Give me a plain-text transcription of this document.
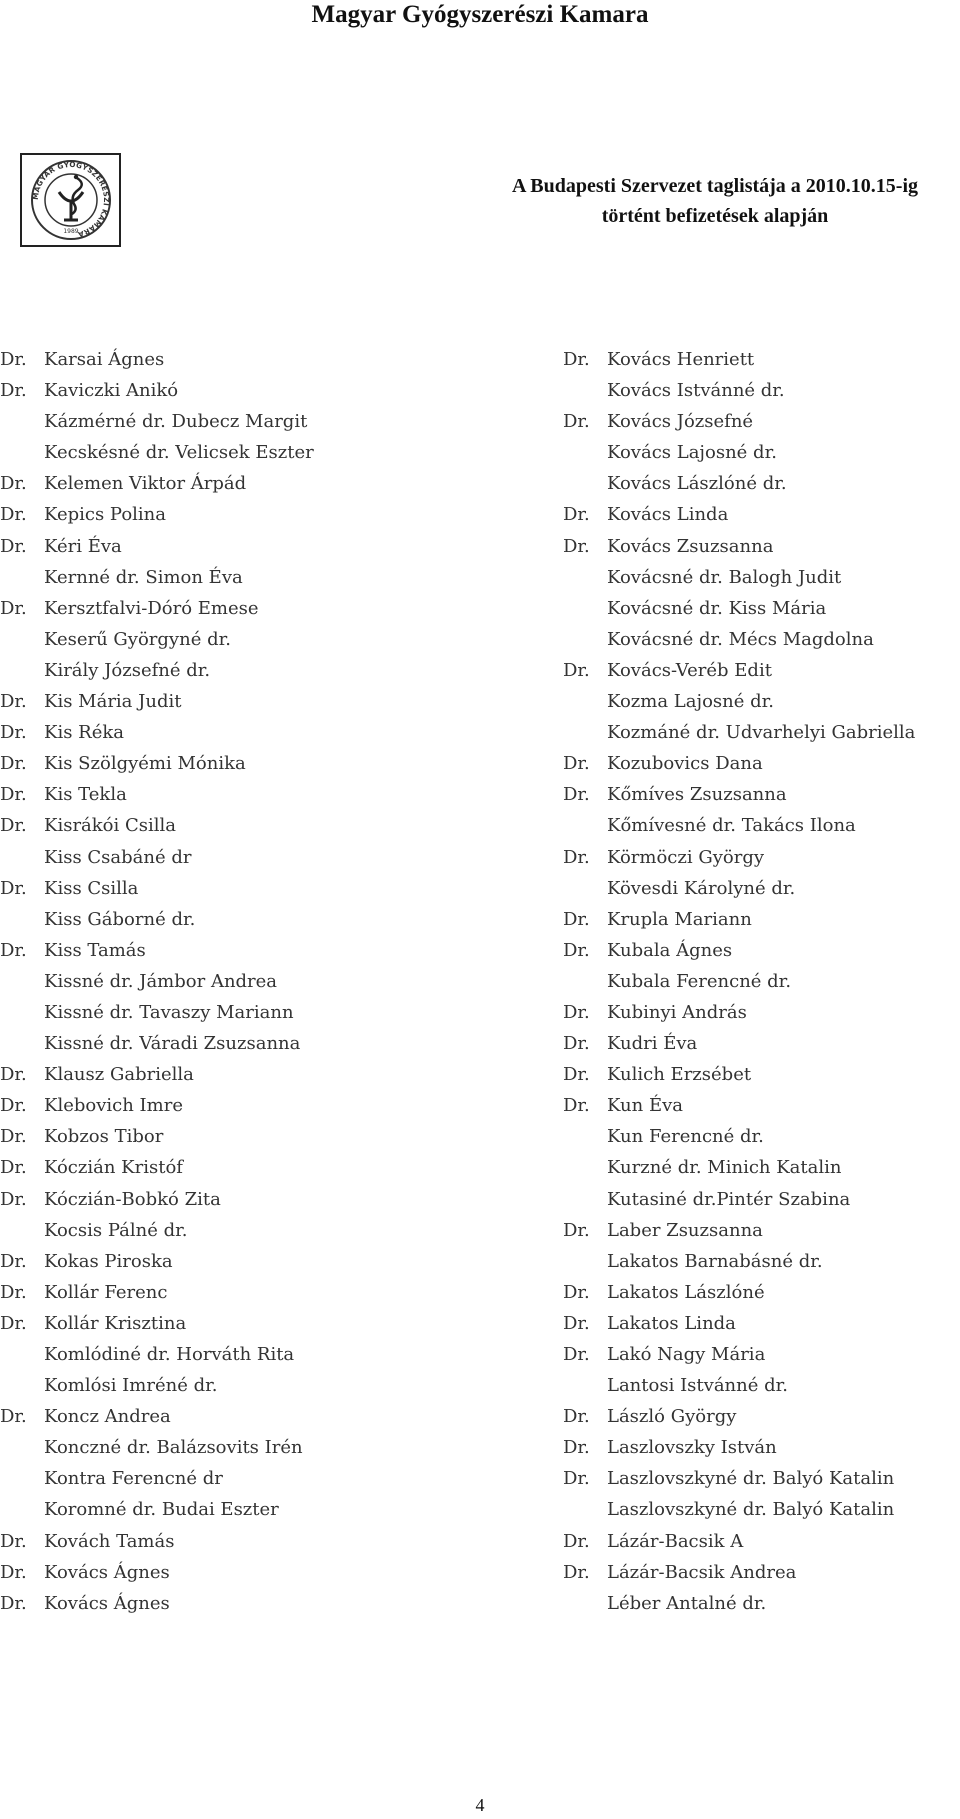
Magyar Gyógyszerészi Kamara
MAGYAR GYÓGYSZERÉSZI KAMARA
1989
A Budapesti Szervezet taglistája a 2010.10.15-ig
történt befizetések alapján
Dr. Karsai Ágnes
Dr. Kaviczki Anikó
Kázmérné dr. Dubecz Margit
Kecskésné dr. Velicsek Eszter
Dr. Kelemen Viktor Árpád
Dr. Kepics Polina
Dr. Kéri Éva
Kernné dr. Simon Éva
Dr. Kersztfalvi-Dóró Emese
Keserű Györgyné dr.
Király Józsefné dr.
Dr. Kis Mária Judit
Dr. Kis Réka
Dr. Kis Szölgyémi Mónika
Dr. Kis Tekla
Dr. Kisrákói Csilla
Kiss Csabáné dr
Dr. Kiss Csilla
Kiss Gáborné dr.
Dr. Kiss Tamás
Kissné dr. Jámbor Andrea
Kissné dr. Tavaszy Mariann
Kissné dr. Váradi Zsuzsanna
Dr. Klausz Gabriella
Dr. Klebovich Imre
Dr. Kobzos Tibor
Dr. Kóczián Kristóf
Dr. Kóczián-Bobkó Zita
Kocsis Pálné dr.
Dr. Kokas Piroska
Dr. Kollár Ferenc
Dr. Kollár Krisztina
Komlódiné dr. Horváth Rita
Komlósi Imréné dr.
Dr. Koncz Andrea
Konczné dr. Balázsovits Irén
Kontra Ferencné dr
Koromné dr. Budai Eszter
Dr. Kovách Tamás
Dr. Kovács Ágnes
Dr. Kovács Ágnes
Dr. Kovács Henriett
Kovács Istvánné dr.
Dr. Kovács Józsefné
Kovács Lajosné dr.
Kovács Lászlóné dr.
Dr. Kovács Linda
Dr. Kovács Zsuzsanna
Kovácsné dr. Balogh Judit
Kovácsné dr. Kiss Mária
Kovácsné dr. Mécs Magdolna
Dr. Kovács-Veréb Edit
Kozma Lajosné dr.
Kozmáné dr. Udvarhelyi Gabriella
Dr. Kozubovics Dana
Dr. Kőmíves Zsuzsanna
Kőmívesné dr. Takács Ilona
Dr. Körmöczi György
Kövesdi Károlyné dr.
Dr. Krupla Mariann
Dr. Kubala Ágnes
Kubala Ferencné dr.
Dr. Kubinyi András
Dr. Kudri Éva
Dr. Kulich Erzsébet
Dr. Kun Éva
Kun Ferencné dr.
Kurzné dr. Minich Katalin
Kutasiné dr.Pintér Szabina
Dr. Laber Zsuzsanna
Lakatos Barnabásné dr.
Dr. Lakatos Lászlóné
Dr. Lakatos Linda
Dr. Lakó Nagy Mária
Lantosi Istvánné dr.
Dr. László György
Dr. Laszlovszky István
Dr. Laszlovszkyné dr. Balyó Katalin
Laszlovszkyné dr. Balyó Katalin
Dr. Lázár-Bacsik A
Dr. Lázár-Bacsik Andrea
Léber Antalné dr.
4
